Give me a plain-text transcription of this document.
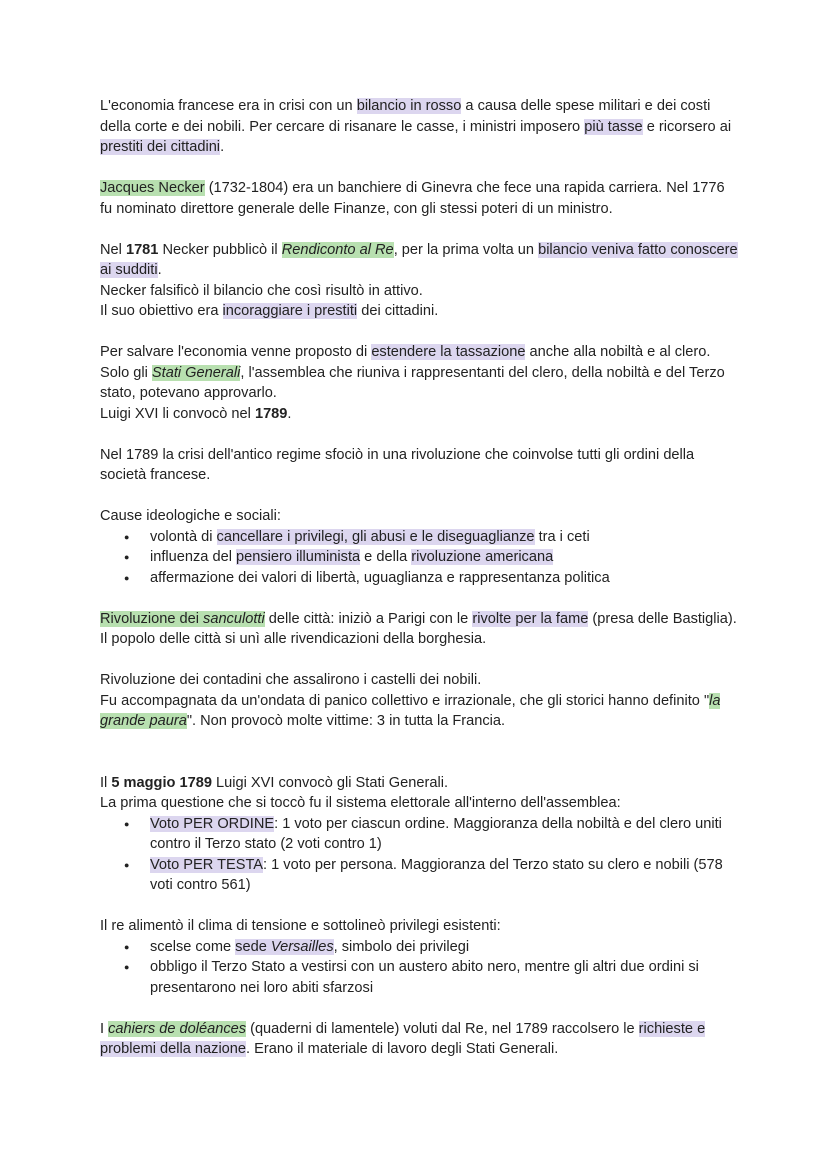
L'economia francese era in crisi con un bilancio in rosso a causa delle spese militari e dei costi della corte e dei nobili. Per cercare di risanare le casse, i ministri imposero più tasse e ricorsero ai prestiti dei cittadini.

Jacques Necker (1732-1804) era un banchiere di Ginevra che fece una rapida carriera. Nel 1776 fu nominato direttore generale delle Finanze, con gli stessi poteri di un ministro.

Nel 1781 Necker pubblicò il Rendiconto al Re, per la prima volta un bilancio veniva fatto conoscere ai sudditi.

Necker falsificò il bilancio che così risultò in attivo.

Il suo obiettivo era incoraggiare i prestiti dei cittadini.

Per salvare l'economia venne proposto di estendere la tassazione anche alla nobiltà e al clero. Solo gli Stati Generali, l'assemblea che riuniva i rappresentanti del clero, della nobiltà e del Terzo stato, potevano approvarlo.

Luigi XVI li convocò nel 1789.

Nel 1789 la crisi dell'antico regime sfociò in una rivoluzione che coinvolse tutti gli ordini della società francese.

Cause ideologiche e sociali:

● volontà di cancellare i privilegi, gli abusi e le diseguaglianze tra i ceti
● influenza del pensiero illuminista e della rivoluzione americana
● affermazione dei valori di libertà, uguaglianza e rappresentanza politica

Rivoluzione dei sanculotti delle città: iniziò a Parigi con le rivolte per la fame (presa delle Bastiglia). Il popolo delle città si unì alle rivendicazioni della borghesia.

Rivoluzione dei contadini che assalirono i castelli dei nobili.

Fu accompagnata da un'ondata di panico collettivo e irrazionale, che gli storici hanno definito "la grande paura". Non provocò molte vittime: 3 in tutta la Francia.

Il 5 maggio 1789 Luigi XVI convocò gli Stati Generali.

La prima questione che si toccò fu il sistema elettorale all'interno dell'assemblea:

● Voto PER ORDINE: 1 voto per ciascun ordine. Maggioranza della nobiltà e del clero uniti contro il Terzo stato (2 voti contro 1)
● Voto PER TESTA: 1 voto per persona. Maggioranza del Terzo stato su clero e nobili (578 voti contro 561)

Il re alimentò il clima di tensione e sottolineò privilegi esistenti:

● scelse come sede Versailles, simbolo dei privilegi
● obbligo il Terzo Stato a vestirsi con un austero abito nero, mentre gli altri due ordini si presentarono nei loro abiti sfarzosi

I cahiers de doléances (quaderni di lamentele) voluti dal Re, nel 1789 raccolsero le richieste e problemi della nazione. Erano il materiale di lavoro degli Stati Generali.
